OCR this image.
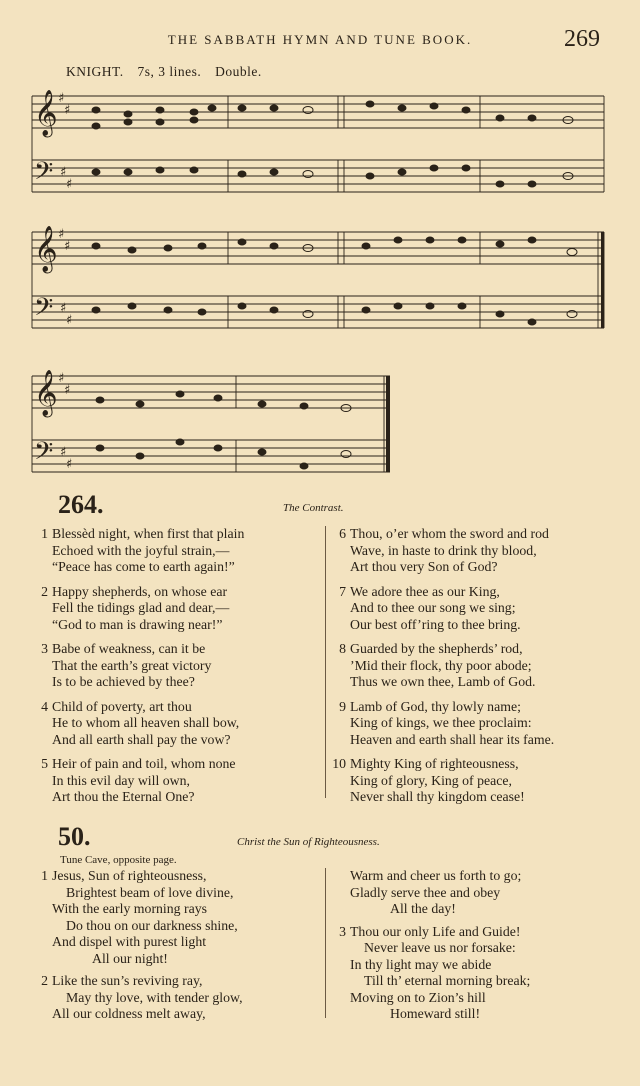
THE SABBATH HYMN AND TUNE BOOK.	269
KNIGHT. 7s, 3 lines. Double.
𝄞
𝄢
𝄞
𝄢
𝄞
𝄢
♯
♯
♯
♯
♯
♯
♯
♯
♯
♯
♯
♯
264.	The Contrast.
1 Blessèd night, when first that plain
Echoed with the joyful strain,—
“Peace has come to earth again!”
2 Happy shepherds, on whose ear
Fell the tidings glad and dear,—
“God to man is drawing near!”
3 Babe of weakness, can it be
That the earth’s great victory
Is to be achieved by thee?
4 Child of poverty, art thou
He to whom all heaven shall bow,
And all earth shall pay the vow?
5 Heir of pain and toil, whom none
In this evil day will own,
Art thou the Eternal One?
6 Thou, o’er whom the sword and rod
Wave, in haste to drink thy blood,
Art thou very Son of God?
7 We adore thee as our King,
And to thee our song we sing;
Our best off’ring to thee bring.
8 Guarded by the shepherds’ rod,
’Mid their flock, thy poor abode;
Thus we own thee, Lamb of God.
9 Lamb of God, thy lowly name;
King of kings, we thee proclaim:
Heaven and earth shall hear its fame.
10 Mighty King of righteousness,
King of glory, King of peace,
Never shall thy kingdom cease!
50.	Christ the Sun of Righteousness.
Tune Cave, opposite page.
1 Jesus, Sun of righteousness,
Brightest beam of love divine,
With the early morning rays
Do thou on our darkness shine,
And dispel with purest light
All our night!
2 Like the sun’s reviving ray,
May thy love, with tender glow,
All our coldness melt away,
Warm and cheer us forth to go;
Gladly serve thee and obey
All the day!
3 Thou our only Life and Guide!
Never leave us nor forsake:
In thy light may we abide
Till th’ eternal morning break;
Moving on to Zion’s hill
Homeward still!
